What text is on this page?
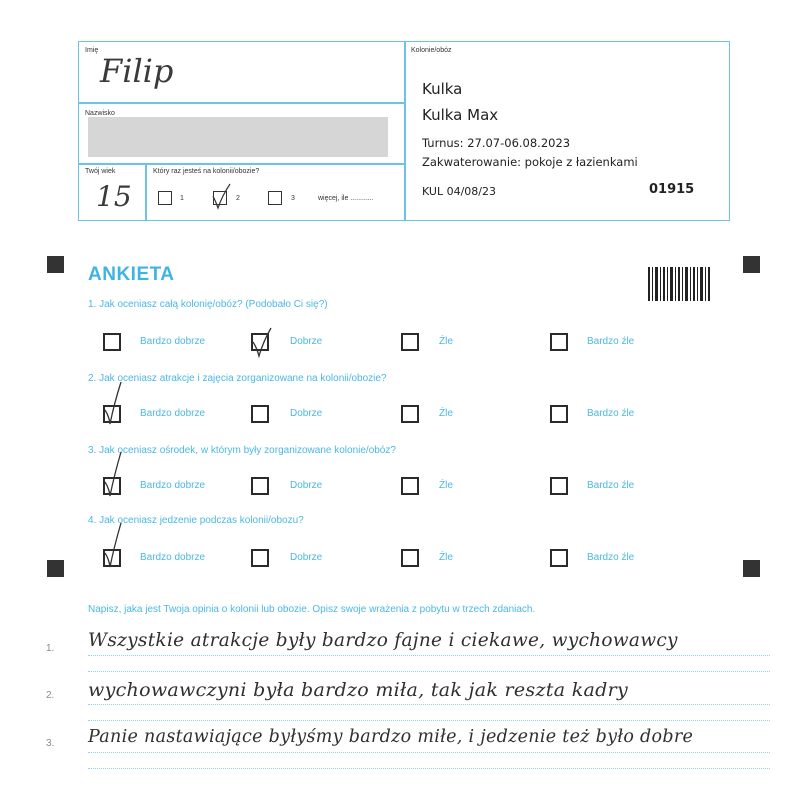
Imię
Filip
Nazwisko
Twój wiek
15
Który raz jesteś na kolonii/obozie?
1	2	3	więcej, ile ............
Kolonie/obóz
Kulka
Kulka Max
Turnus: 27.07-06.08.2023
Zakwaterowanie: pokoje z łazienkami
KUL 04/08/23	01915
ANKIETA
1. Jak oceniasz całą kolonię/obóz? (Podobało Ci się?)
2. Jak oceniasz atrakcje i zajęcia zorganizowane na kolonii/obozie?
3. Jak oceniasz ośrodek, w którym były zorganizowane kolonie/obóz?
4. Jak oceniasz jedzenie podczas kolonii/obozu?
Bardzo dobrze	Dobrze	Źle	Bardzo źle
Bardzo dobrze	Dobrze	Źle	Bardzo źle
Bardzo dobrze	Dobrze	Źle	Bardzo źle
Bardzo dobrze	Dobrze	Źle	Bardzo źle
Napisz, jaka jest Twoja opinia o kolonii lub obozie. Opisz swoje wrażenia z pobytu w trzech zdaniach.
1. Wszystkie atrakcje były bardzo fajne i ciekawe, wychowawcy
2. wychowawczyni była bardzo miła, tak jak reszta kadry
3. Panie nastawiające byłyśmy bardzo miłe, i jedzenie też było dobre
